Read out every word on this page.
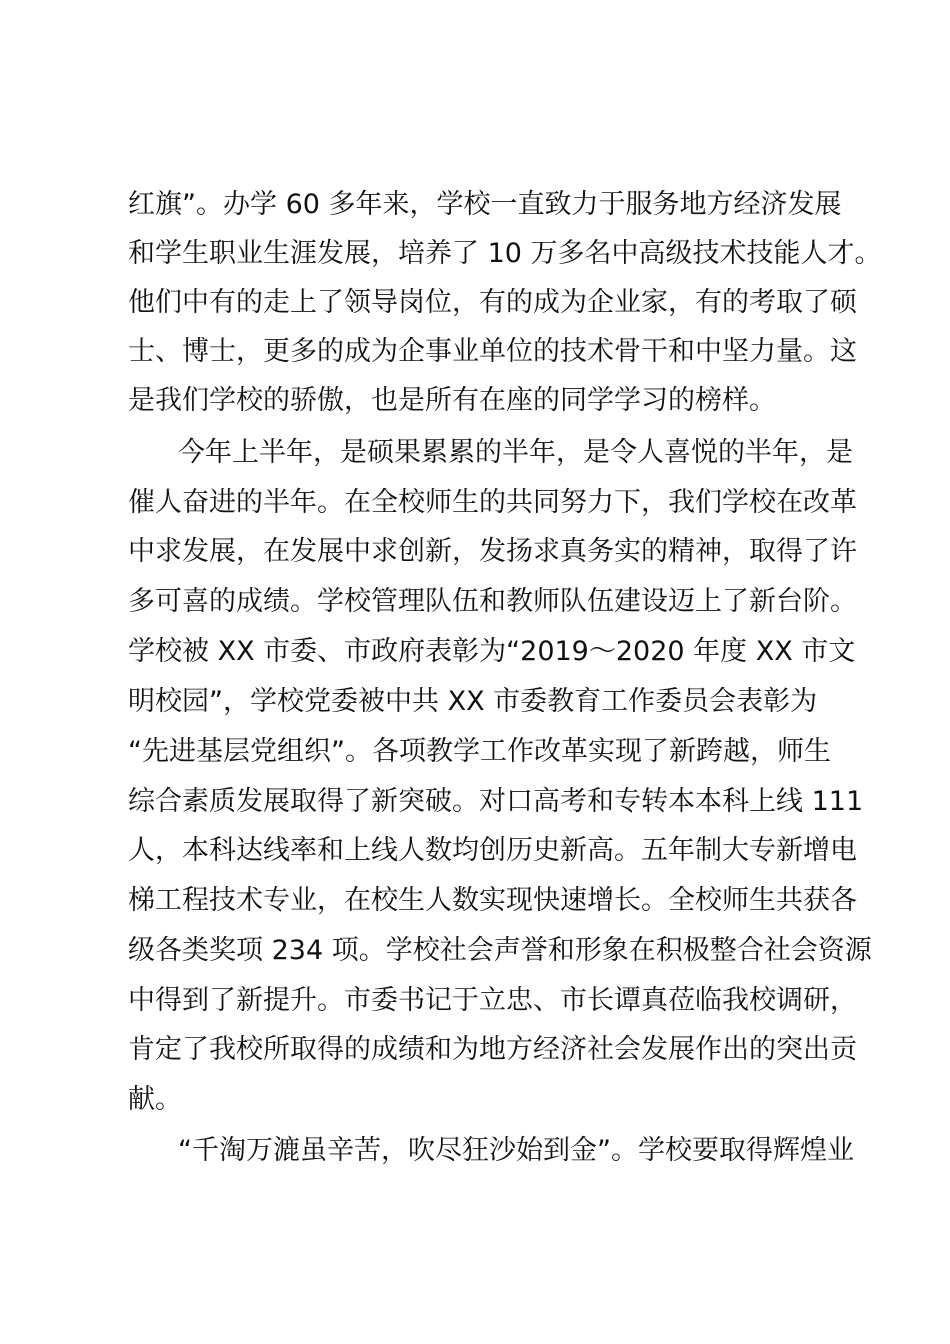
红旗”。办学 60 多年来，学校一直致力于服务地方经济发展
和学生职业生涯发展，培养了 10 万多名中高级技术技能人才。
他们中有的走上了领导岗位，有的成为企业家，有的考取了硕
士、博士，更多的成为企事业单位的技术骨干和中坚力量。这
是我们学校的骄傲，也是所有在座的同学学习的榜样。
今年上半年，是硕果累累的半年，是令人喜悦的半年，是
催人奋进的半年。在全校师生的共同努力下，我们学校在改革
中求发展，在发展中求创新，发扬求真务实的精神，取得了许
多可喜的成绩。学校管理队伍和教师队伍建设迈上了新台阶。
学校被 XX 市委、市政府表彰为“2019～2020 年度 XX 市文
明校园”，学校党委被中共 XX 市委教育工作委员会表彰为
“先进基层党组织”。各项教学工作改革实现了新跨越，师生
综合素质发展取得了新突破。对口高考和专转本本科上线 111
人，本科达线率和上线人数均创历史新高。五年制大专新增电
梯工程技术专业，在校生人数实现快速增长。全校师生共获各
级各类奖项 234 项。学校社会声誉和形象在积极整合社会资源
中得到了新提升。市委书记于立忠、市长谭真莅临我校调研，
肯定了我校所取得的成绩和为地方经济社会发展作出的突出贡
献。
“千淘万漉虽辛苦，吹尽狂沙始到金”。学校要取得辉煌业
